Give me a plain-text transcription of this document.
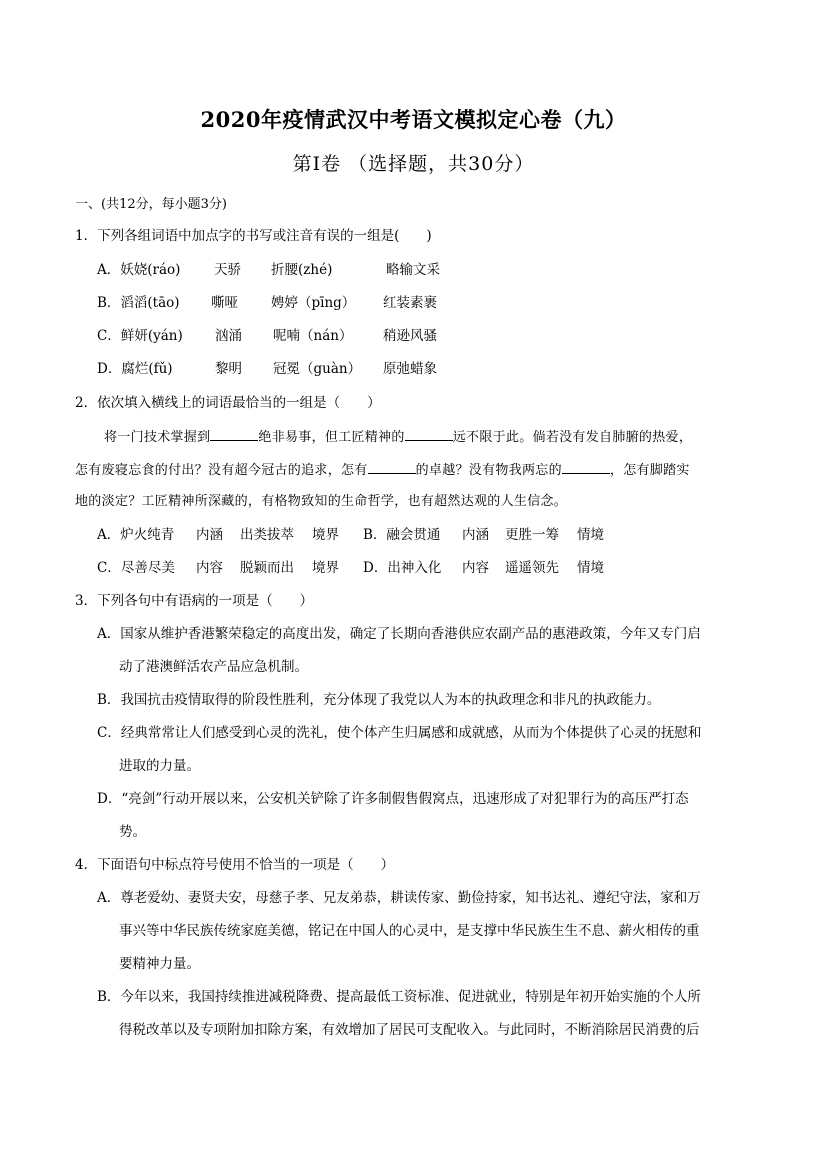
2020年疫情武汉中考语文模拟定心卷（九）
第Ⅰ卷 （选择题，共30分）
一、(共12分，每小题3分)
1．下列各组词语中加点字的书写或注音有误的一组是(　　)
A．妖娆(ráo) 天骄 折腰(zhé)	略输文采
B．滔滔(tāo) 嘶哑 娉婷（pīng） 红装素裹
C．鲜妍(yán) 汹涌 呢喃（nán） 稍逊风骚
D．腐烂(fǔ)	黎明 冠冕（guàn） 原弛蜡象
2．依次填入横线上的词语最恰当的一组是（　　）
将一门技术掌握到	绝非易事，但工匠精神的	远不限于此。倘若没有发自肺腑的热爱，
怎有废寝忘食的付出？没有超今冠古的追求，怎有	的卓越？没有物我两忘的	，怎有脚踏实
地的淡定？工匠精神所深藏的，有格物致知的生命哲学，也有超然达观的人生信念。
A．炉火纯青 内涵 出类拔萃 境界 B．融会贯通 内涵 更胜一筹 情境
C．尽善尽美 内容 脱颖而出 境界 D．出神入化 内容 遥遥领先 情境
3．下列各句中有语病的一项是（　　）
A．国家从维护香港繁荣稳定的高度出发，确定了长期向香港供应农副产品的惠港政策，今年又专门启
动了港澳鲜活农产品应急机制。
B．我国抗击疫情取得的阶段性胜利，充分体现了我党以人为本的执政理念和非凡的执政能力。
C．经典常常让人们感受到心灵的洗礼，使个体产生归属感和成就感，从而为个体提供了心灵的抚慰和
进取的力量。
D．“亮剑”行动开展以来，公安机关铲除了许多制假售假窝点，迅速形成了对犯罪行为的高压严打态
势。
4．下面语句中标点符号使用不恰当的一项是（　　）
A．尊老爱幼、妻贤夫安，母慈子孝、兄友弟恭，耕读传家、勤俭持家，知书达礼、遵纪守法，家和万
事兴等中华民族传统家庭美德，铭记在中国人的心灵中，是支撑中华民族生生不息、薪火相传的重
要精神力量。
B．今年以来，我国持续推进减税降费、提高最低工资标准、促进就业，特别是年初开始实施的个人所
得税改革以及专项附加扣除方案，有效增加了居民可支配收入。与此同时，不断消除居民消费的后
